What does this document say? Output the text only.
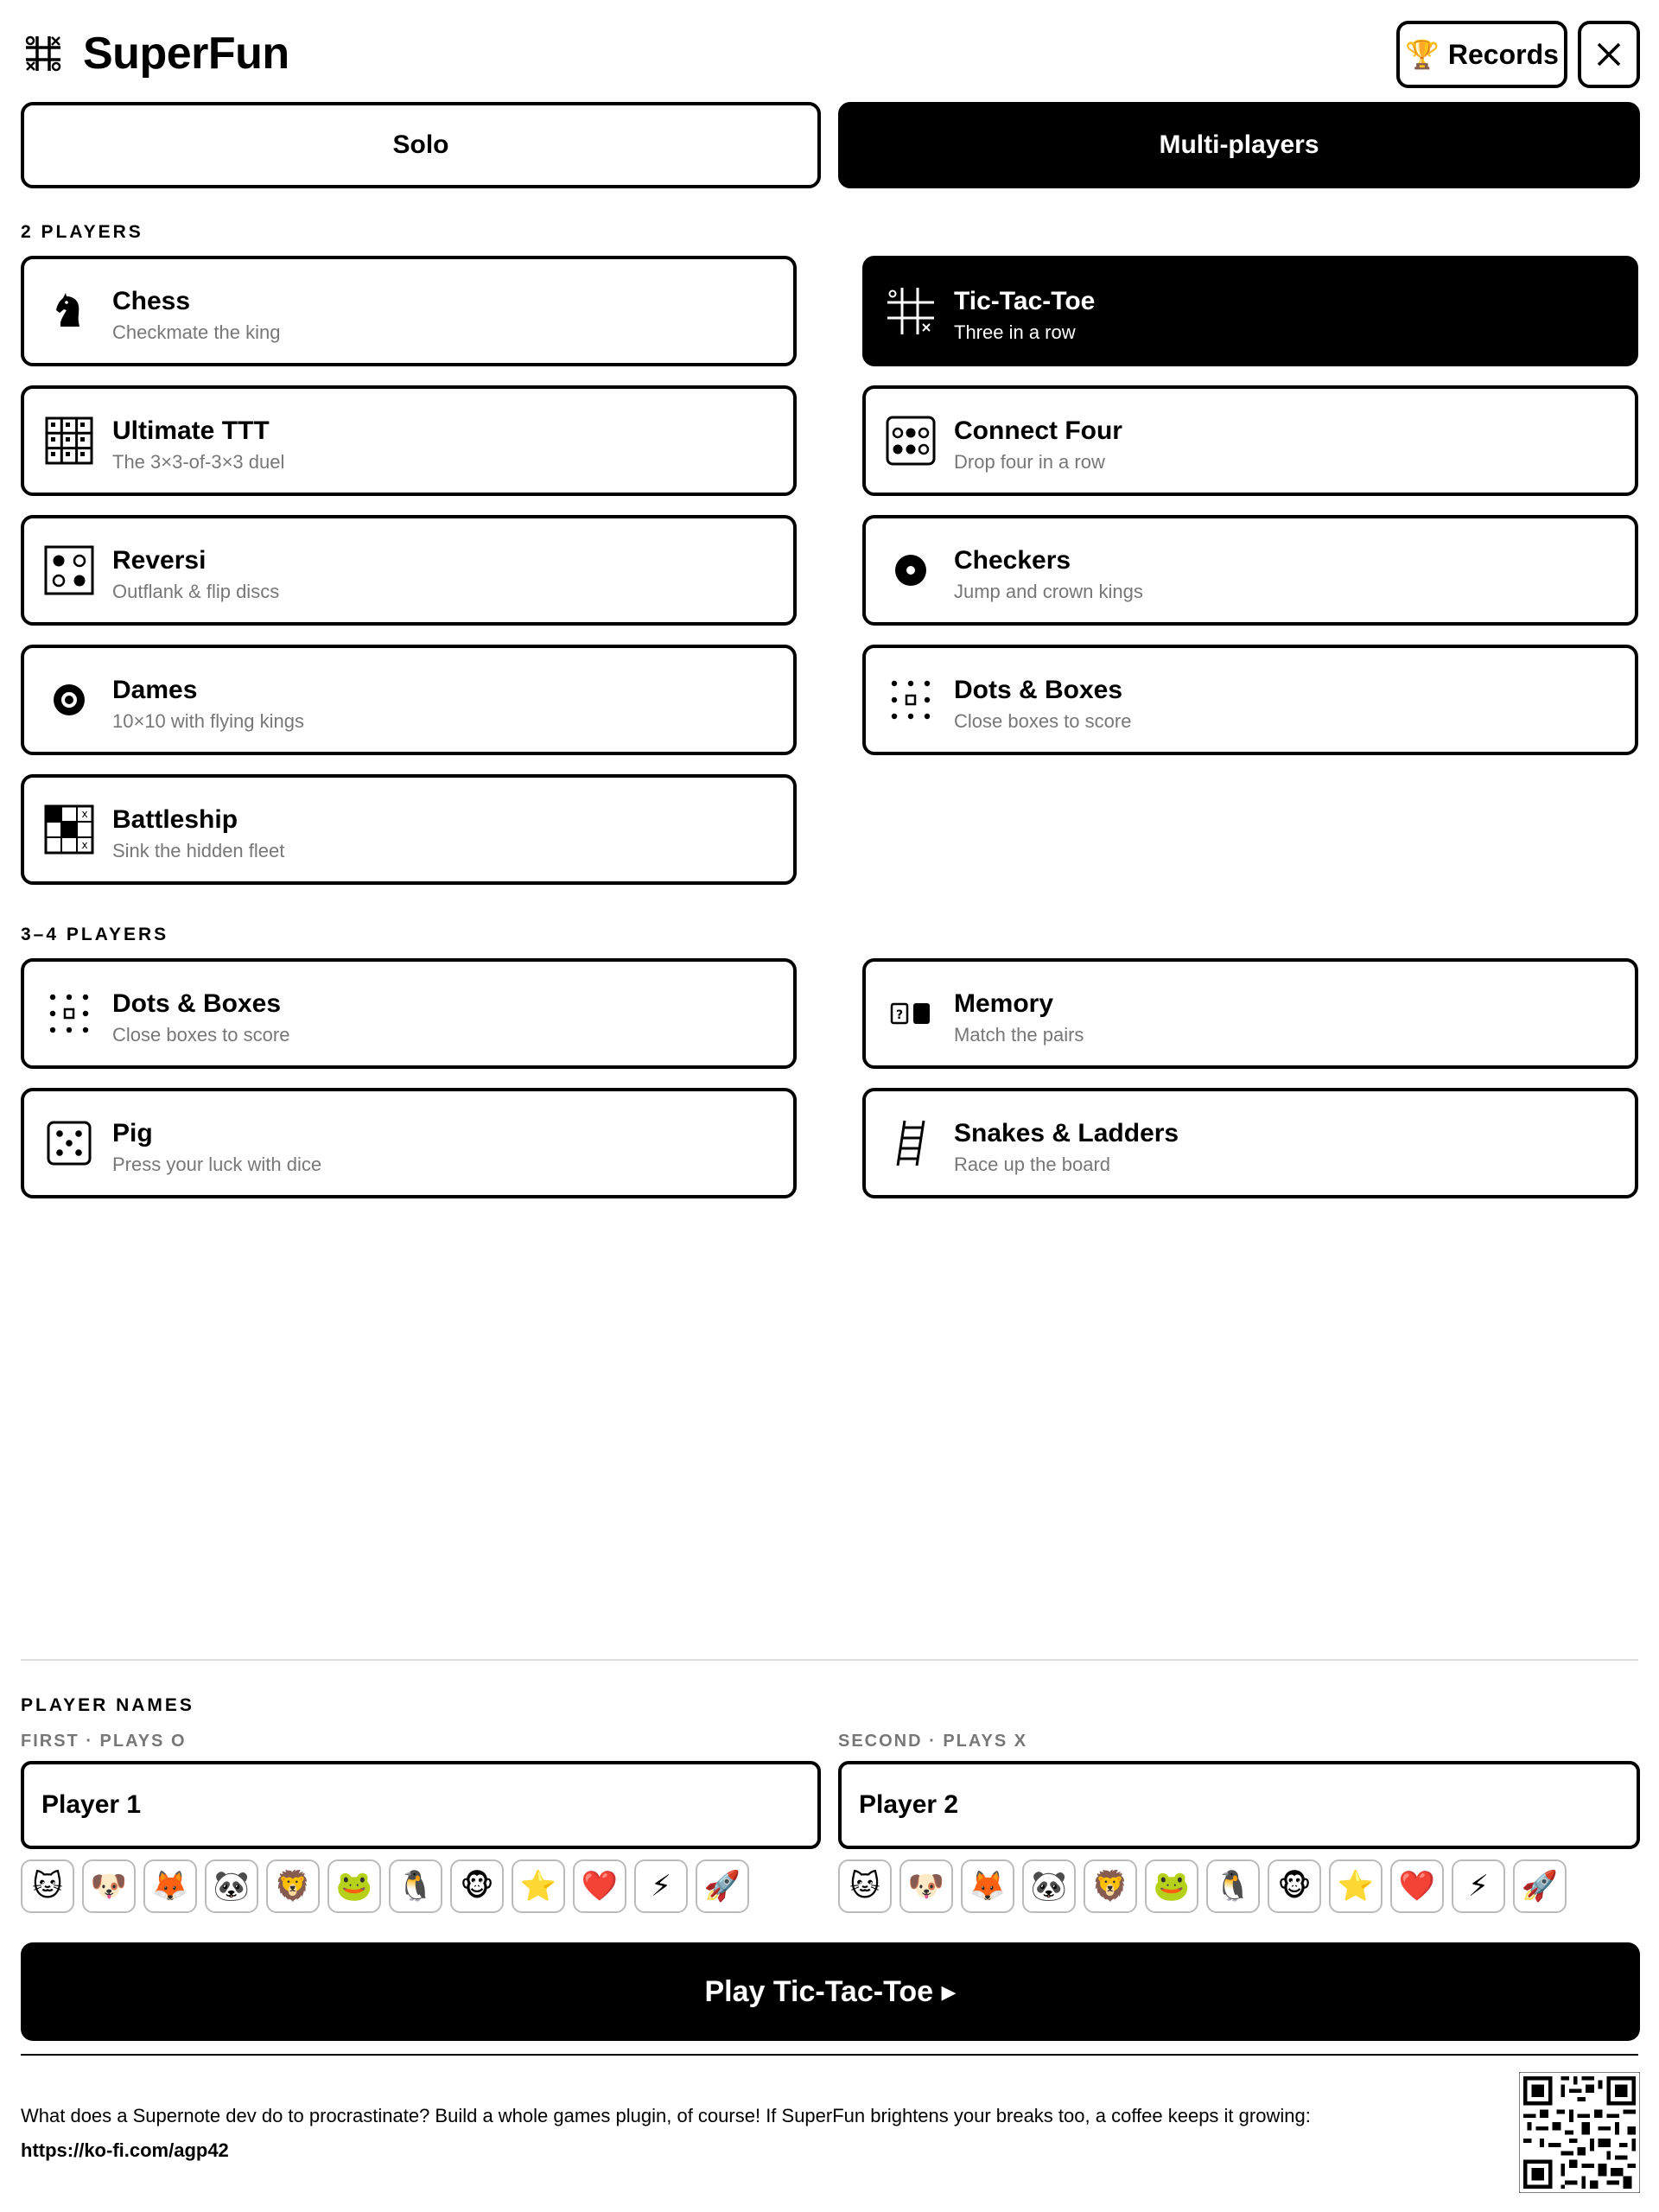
SuperFun	🏆 Records
Solo	Multi-players
2 PLAYERS
Chess
Checkmate the king
Tic-Tac-Toe
Three in a row
Ultimate TTT
The 3×3-of-3×3 duel
Connect Four
Drop four in a row
Reversi
Outflank & flip discs
Checkers
Jump and crown kings
Dames
10×10 with flying kings
Dots & Boxes
Close boxes to score
x
x
Battleship
Sink the hidden fleet
3–4 PLAYERS
Dots & Boxes
Close boxes to score
? Memory
Match the pairs
Pig
Press your luck with dice
Snakes & Ladders
Race up the board
PLAYER NAMES
FIRST · PLAYS O
Player 1	SECOND · PLAYS X
Player 2
🐱 🐶 🦊 🐼 🦁 🐸 🐧 🐵 ⭐ ❤️	⚡	🚀	🐱 🐶 🦊 🐼 🦁 🐸 🐧 🐵 ⭐ ❤️	⚡	🚀
Play Tic-Tac-Toe ▸
What does a Supernote dev do to procrastinate? Build a whole games plugin, of course! If SuperFun brightens your breaks too, a coffee keeps it growing:
https://ko-fi.com/agp42
